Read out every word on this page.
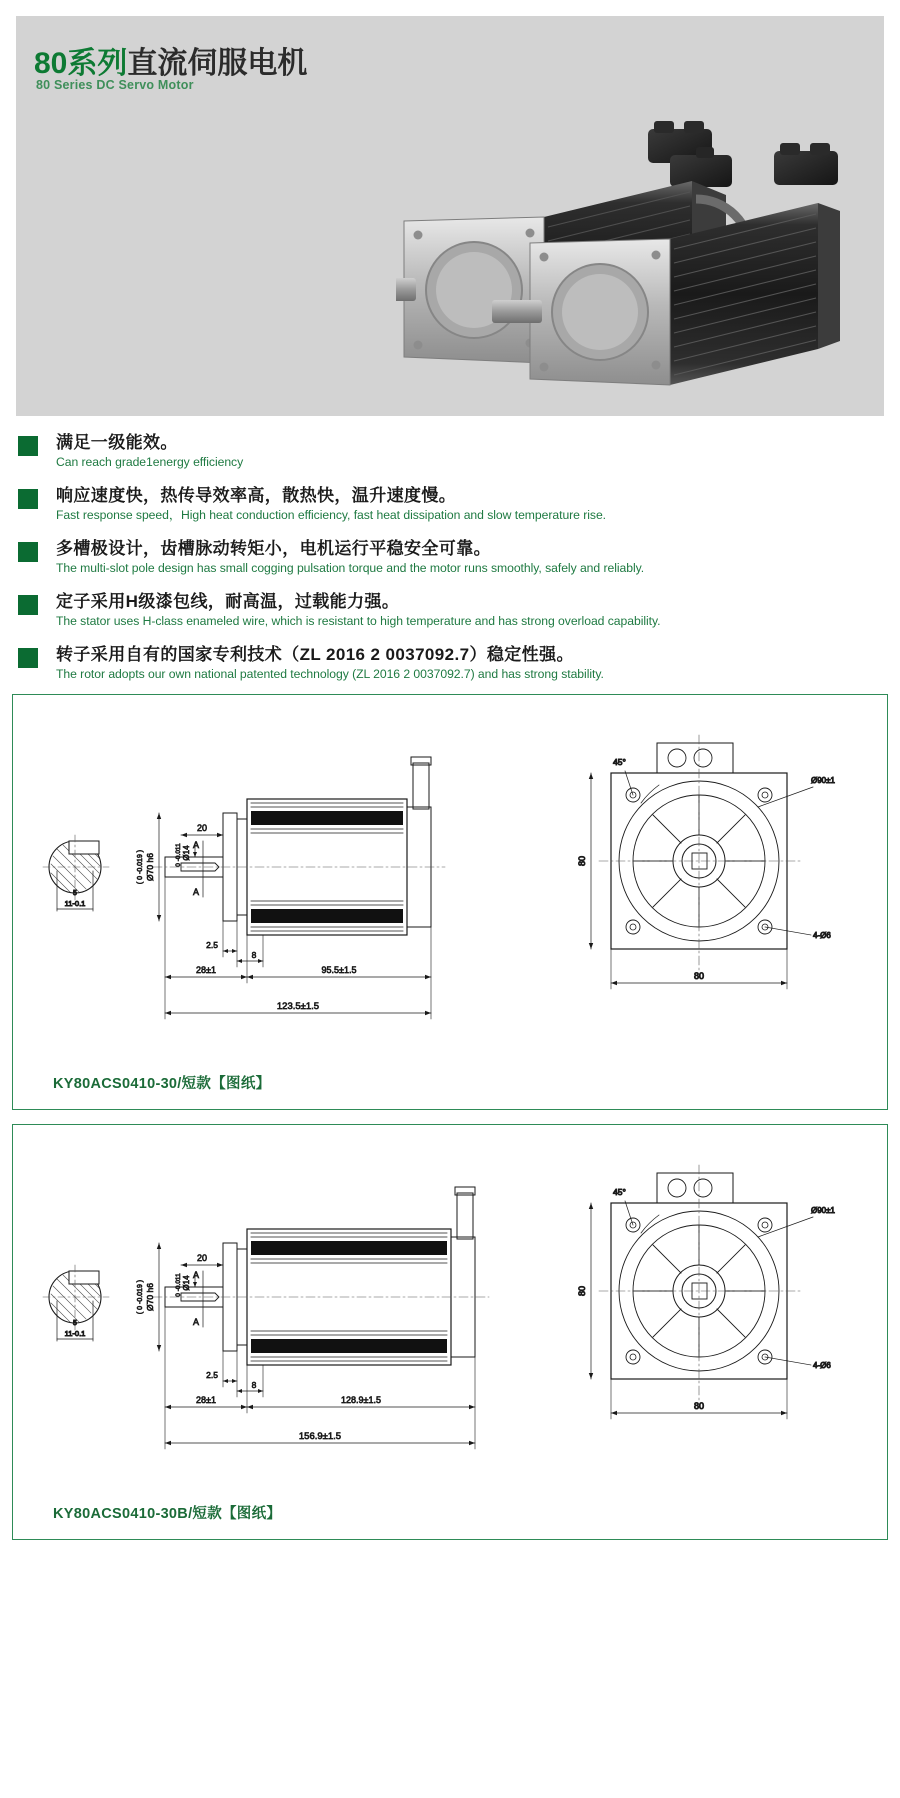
80系列直流伺服电机
80 Series DC Servo Motor
满足一级能效。
Can reach grade1energy efficiency
响应速度快，热传导效率高，散热快，温升速度慢。
Fast response speed，High heat conduction efficiency, fast heat dissipation and slow temperature rise.
多槽极设计，齿槽脉动转矩小，电机运行平稳安全可靠。
The multi-slot pole design has small cogging pulsation torque and the motor runs smoothly, safely and reliably.
定子采用H级漆包线，耐高温，过载能力强。
The stator uses H-class enameled wire, which is resistant to high temperature and has strong overload capability.
转子采用自有的国家专利技术（ZL 2016 2 0037092.7）稳定性强。
The rotor adopts our own national patented technology (ZL 2016 2 0037092.7) and has strong stability.
11-0.1
5
Ø70 h6
( 0 -0.019 )	Ø14
0 -0.011
20
A
A
2.5
8
28±1	95.5±1.5
123.5±1.5
45°
Ø90±1
4-Ø6
80
80
KY80ACS0410-30/短款【图纸】
11-0.1
5
Ø70 h6
( 0 -0.019 )	Ø14
0 -0.011
20
A
A
2.5
8
28±1	128.9±1.5
156.9±1.5
45°
Ø90±1
4-Ø6
80
80
KY80ACS0410-30B/短款【图纸】
